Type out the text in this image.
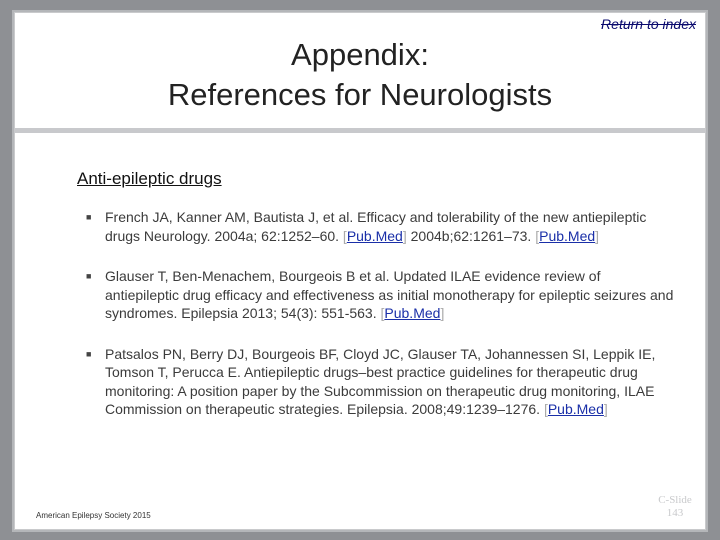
Return to index
Appendix:
References for Neurologists
Anti-epileptic drugs
■ French JA, Kanner AM, Bautista J, et al. Efficacy and tolerability of the new antiepileptic drugs Neurology. 2004a; 62:1252–60. [Pub.Med] 2004b;62:1261–73. [Pub.Med]
■ Glauser T, Ben-Menachem, Bourgeois B et al. Updated ILAE evidence review of antiepileptic drug efficacy and effectiveness as initial monotherapy for epileptic seizures and syndromes. Epilepsia 2013; 54(3): 551-563. [Pub.Med]
■ Patsalos PN, Berry DJ, Bourgeois BF, Cloyd JC, Glauser TA, Johannessen SI, Leppik IE, Tomson T, Perucca E. Antiepileptic drugs–best practice guidelines for therapeutic drug monitoring: A position paper by the Subcommission on therapeutic drug monitoring, ILAE Commission on therapeutic strategies. Epilepsia. 2008;49:1239–1276. [Pub.Med]
American Epilepsy Society 2015
C-Slide
143
